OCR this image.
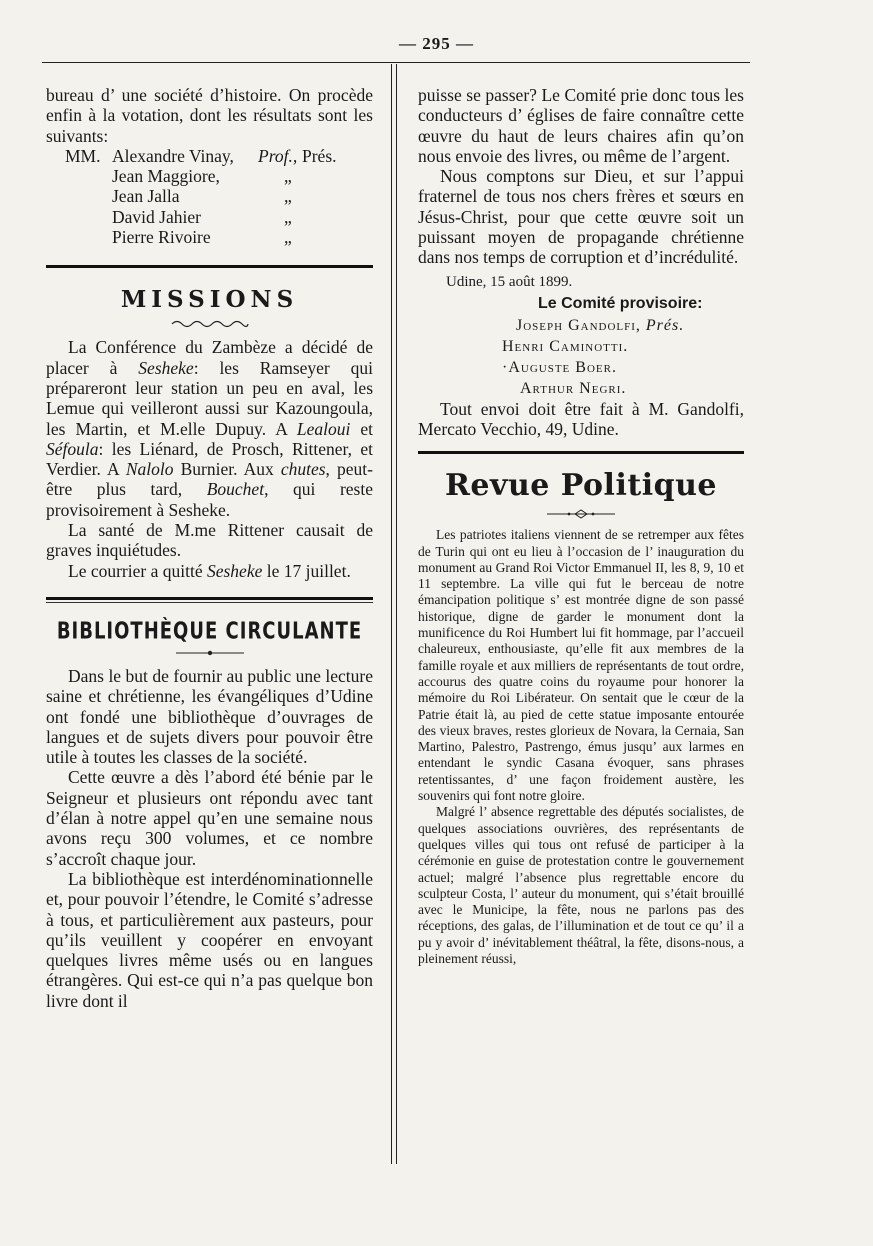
— 295 —

bureau d’ une société d’histoire. On procède enfin à la votation, dont les résultats sont les suivants:

MM. Alexandre Vinay, Prof., Prés.
Jean Maggiore,	„
Jean Jalla	„
David Jahier	„
Pierre Rivoire	„
MISSIONS

La Conférence du Zambèze a décidé de placer à Sesheke: les Ramseyer qui prépareront leur station un peu en aval, les Lemue qui veilleront aussi sur Kazoungoula, les Martin, et M.elle Dupuy. A Lealoui et Séfoula: les Liénard, de Prosch, Rittener, et Verdier. A Nalolo Burnier. Aux chutes, peut-être plus tard, Bouchet, qui reste provisoirement à Sesheke.

La santé de M.me Rittener causait de graves inquiétudes.

Le courrier a quitté Sesheke le 17 juillet.

BIBLIOTHÈQUE CIRCULANTE

Dans le but de fournir au public une lecture saine et chrétienne, les évangéliques d’Udine ont fondé une bibliothèque d’ouvrages de langues et de sujets divers pour pouvoir être utile à toutes les classes de la société.

Cette œuvre a dès l’abord été bénie par le Seigneur et plusieurs ont répondu avec tant d’élan à notre appel qu’en une semaine nous avons reçu 300 volumes, et ce nombre s’accroît chaque jour.

La bibliothèque est interdénominationnelle et, pour pouvoir l’étendre, le Comité s’adresse à tous, et particulièrement aux pasteurs, pour qu’ils veuillent y coopérer en envoyant quelques livres même usés ou en langues étrangères. Qui est-ce qui n’a pas quelque bon livre dont il

puisse se passer? Le Comité prie donc tous les conducteurs d’ églises de faire connaître cette œuvre du haut de leurs chaires afin qu’on nous envoie des livres, ou même de l’argent.

Nous comptons sur Dieu, et sur l’appui fraternel de tous nos chers frères et sœurs en Jésus-Christ, pour que cette œuvre soit un puissant moyen de propagande chrétienne dans nos temps de corruption et d’incrédulité.

Udine, 15 août 1899.
Le Comité provisoire:
Joseph Gandolfi, Prés.
Henri Caminotti.
·Auguste Boer.
Arthur Negri.

Tout envoi doit être fait à M. Gandolfi, Mercato Vecchio, 49, Udine.

Revue Politique

Les patriotes italiens viennent de se retremper aux fêtes de Turin qui ont eu lieu à l’occasion de l’ inauguration du monument au Grand Roi Victor Emmanuel II, les 8, 9, 10 et 11 septembre. La ville qui fut le berceau de notre émancipation politique s’ est montrée digne de son passé historique, digne de garder le monument dont la munificence du Roi Humbert lui fit hommage, par l’accueil chaleureux, enthousiaste, qu’elle fit aux membres de la famille royale et aux milliers de représentants de tout ordre, accourus des quatre coins du royaume pour honorer la mémoire du Roi Libérateur. On sentait que le cœur de la Patrie était là, au pied de cette statue imposante entourée des vieux braves, restes glorieux de Novara, la Cernaia, San Martino, Palestro, Pastrengo, émus jusqu’ aux larmes en entendant le syndic Casana évoquer, sans phrases retentissantes, d’ une façon froidement austère, les souvenirs qui font notre gloire.

Malgré l’ absence regrettable des députés socialistes, de quelques associations ouvrières, des représentants de quelques villes qui tous ont refusé de participer à la cérémonie en guise de protestation contre le gouvernement actuel; malgré l’absence plus regrettable encore du sculpteur Costa, l’ auteur du monument, qui s’était brouillé avec le Municipe, la fête, nous ne parlons pas des réceptions, des galas, de l’illumination et de tout ce qu’ il a pu y avoir d’ inévitablement théâtral, la fête, disons-nous, a pleinement réussi,
